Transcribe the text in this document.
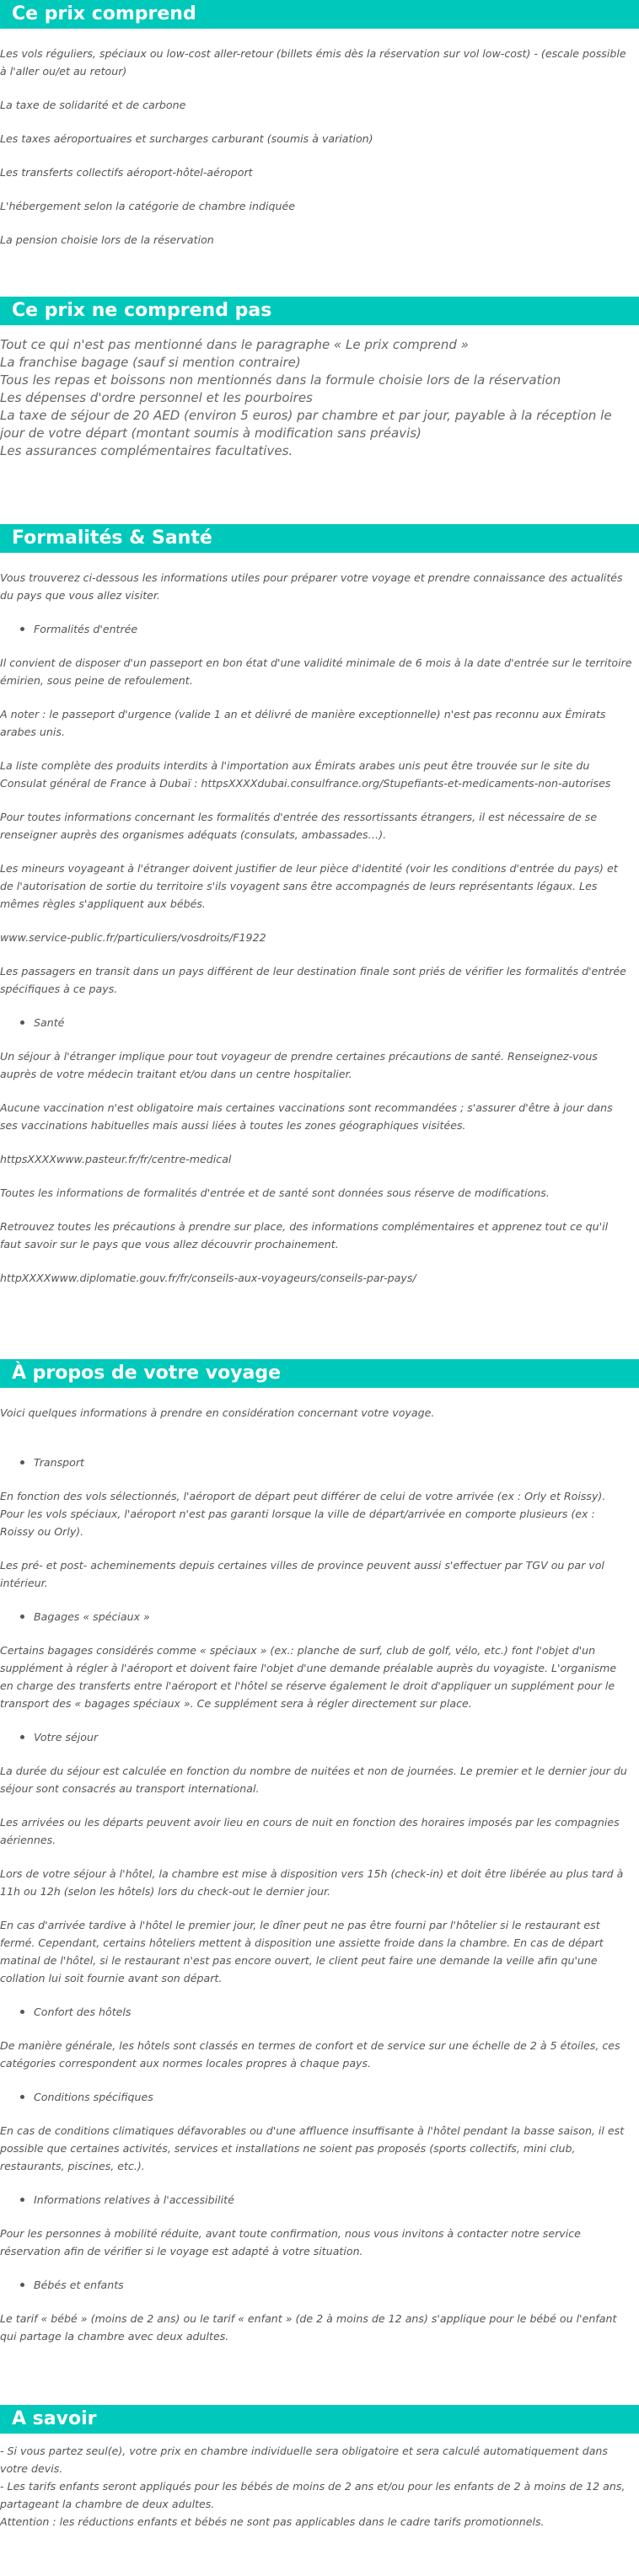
Ce prix comprend

Les vols réguliers, spéciaux ou low-cost aller-retour (billets émis dès la réservation sur vol low-cost) - (escale possible à l'aller ou/et au retour)

La taxe de solidarité et de carbone

Les taxes aéroportuaires et surcharges carburant (soumis à variation)

Les transferts collectifs aéroport-hôtel-aéroport

L'hébergement selon la catégorie de chambre indiquée

La pension choisie lors de la réservation

Ce prix ne comprend pas

Tout ce qui n'est pas mentionné dans le paragraphe « Le prix comprend »

La franchise bagage (sauf si mention contraire)

Tous les repas et boissons non mentionnés dans la formule choisie lors de la réservation

Les dépenses d'ordre personnel et les pourboires

La taxe de séjour de 20 AED (environ 5 euros) par chambre et par jour, payable à la réception le jour de votre départ (montant soumis à modification sans préavis)

Les assurances complémentaires facultatives.

Formalités & Santé

Vous trouverez ci-dessous les informations utiles pour préparer votre voyage et prendre connaissance des actualités du pays que vous allez visiter.

Formalités d'entrée

Il convient de disposer d'un passeport en bon état d'une validité minimale de 6 mois à la date d'entrée sur le territoire émirien, sous peine de refoulement.

A noter : le passeport d'urgence (valide 1 an et délivré de manière exceptionnelle) n'est pas reconnu aux Émirats arabes unis.

La liste complète des produits interdits à l'importation aux Émirats arabes unis peut être trouvée sur le site du Consulat général de France à Dubaï : httpsXXXXdubai.consulfrance.org/Stupefiants-et-medicaments-non-autorises

Pour toutes informations concernant les formalités d'entrée des ressortissants étrangers, il est nécessaire de se renseigner auprès des organismes adéquats (consulats, ambassades…).

Les mineurs voyageant à l'étranger doivent justifier de leur pièce d'identité (voir les conditions d'entrée du pays) et de l'autorisation de sortie du territoire s'ils voyagent sans être accompagnés de leurs représentants légaux. Les mêmes règles s'appliquent aux bébés.

www.service-public.fr/particuliers/vosdroits/F1922

Les passagers en transit dans un pays différent de leur destination finale sont priés de vérifier les formalités d'entrée spécifiques à ce pays.

Santé

Un séjour à l'étranger implique pour tout voyageur de prendre certaines précautions de santé. Renseignez-vous auprès de votre médecin traitant et/ou dans un centre hospitalier.

Aucune vaccination n'est obligatoire mais certaines vaccinations sont recommandées ; s'assurer d'être à jour dans ses vaccinations habituelles mais aussi liées à toutes les zones géographiques visitées.

httpsXXXXwww.pasteur.fr/fr/centre-medical

Toutes les informations de formalités d'entrée et de santé sont données sous réserve de modifications.

Retrouvez toutes les précautions à prendre sur place, des informations complémentaires et apprenez tout ce qu'il faut savoir sur le pays que vous allez découvrir prochainement.

httpXXXXwww.diplomatie.gouv.fr/fr/conseils-aux-voyageurs/conseils-par-pays/

À propos de votre voyage

Voici quelques informations à prendre en considération concernant votre voyage.

Transport

En fonction des vols sélectionnés, l'aéroport de départ peut différer de celui de votre arrivée (ex : Orly et Roissy). Pour les vols spéciaux, l'aéroport n'est pas garanti lorsque la ville de départ/arrivée en comporte plusieurs (ex : Roissy ou Orly).

Les pré- et post- acheminements depuis certaines villes de province peuvent aussi s'effectuer par TGV ou par vol intérieur.

Bagages « spéciaux »

Certains bagages considérés comme « spéciaux » (ex.: planche de surf, club de golf, vélo, etc.) font l'objet d'un supplément à régler à l'aéroport et doivent faire l'objet d'une demande préalable auprès du voyagiste. L'organisme en charge des transferts entre l'aéroport et l'hôtel se réserve également le droit d'appliquer un supplément pour le transport des « bagages spéciaux ». Ce supplément sera à régler directement sur place.

Votre séjour

La durée du séjour est calculée en fonction du nombre de nuitées et non de journées. Le premier et le dernier jour du séjour sont consacrés au transport international.

Les arrivées ou les départs peuvent avoir lieu en cours de nuit en fonction des horaires imposés par les compagnies aériennes.

Lors de votre séjour à l'hôtel, la chambre est mise à disposition vers 15h (check-in) et doit être libérée au plus tard à 11h ou 12h (selon les hôtels) lors du check-out le dernier jour.

En cas d'arrivée tardive à l'hôtel le premier jour, le dîner peut ne pas être fourni par l'hôtelier si le restaurant est fermé. Cependant, certains hôteliers mettent à disposition une assiette froide dans la chambre. En cas de départ matinal de l'hôtel, si le restaurant n'est pas encore ouvert, le client peut faire une demande la veille afin qu'une collation lui soit fournie avant son départ.

Confort des hôtels

De manière générale, les hôtels sont classés en termes de confort et de service sur une échelle de 2 à 5 étoiles, ces catégories correspondent aux normes locales propres à chaque pays.

Conditions spécifiques

En cas de conditions climatiques défavorables ou d'une affluence insuffisante à l'hôtel pendant la basse saison, il est possible que certaines activités, services et installations ne soient pas proposés (sports collectifs, mini club, restaurants, piscines, etc.).

Informations relatives à l'accessibilité

Pour les personnes à mobilité réduite, avant toute confirmation, nous vous invitons à contacter notre service réservation afin de vérifier si le voyage est adapté à votre situation.

Bébés et enfants

Le tarif « bébé » (moins de 2 ans) ou le tarif « enfant » (de 2 à moins de 12 ans) s'applique pour le bébé ou l'enfant qui partage la chambre avec deux adultes.

A savoir

- Si vous partez seul(e), votre prix en chambre individuelle sera obligatoire et sera calculé automatiquement dans votre devis.

- Les tarifs enfants seront appliqués pour les bébés de moins de 2 ans et/ou pour les enfants de 2 à moins de 12 ans, partageant la chambre de deux adultes.

Attention : les réductions enfants et bébés ne sont pas applicables dans le cadre tarifs promotionnels.
